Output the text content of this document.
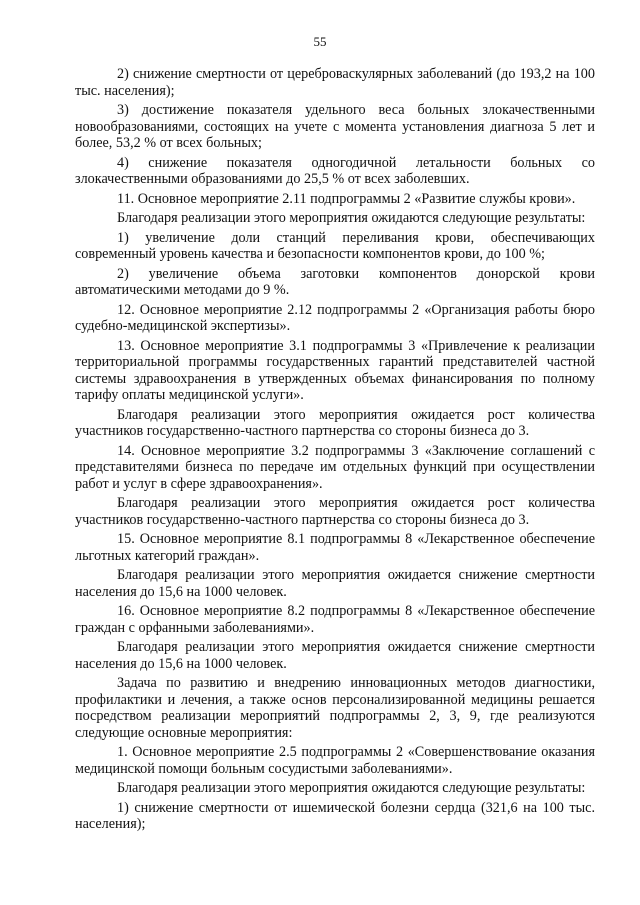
55

2) снижение смертности от цереброваскулярных заболеваний (до 193,2 на 100 тыс. населения);

3) достижение показателя удельного веса больных злокачественными новообразованиями, состоящих на учете с момента установления диагноза 5 лет и более, 53,2 % от всех больных;

4) снижение показателя одногодичной летальности больных со злокачественными образованиями до 25,5 % от всех заболевших.

11. Основное мероприятие 2.11 подпрограммы 2 «Развитие службы крови».

Благодаря реализации этого мероприятия ожидаются следующие результаты:

1) увеличение доли станций переливания крови, обеспечивающих современный уровень качества и безопасности компонентов крови, до 100 %;

2) увеличение объема заготовки компонентов донорской крови автоматическими методами до 9 %.

12. Основное мероприятие 2.12 подпрограммы 2 «Организация работы бюро судебно-медицинской экспертизы».

13. Основное мероприятие 3.1 подпрограммы 3 «Привлечение к реализации территориальной программы государственных гарантий представителей частной системы здравоохранения в утвержденных объемах финансирования по полному тарифу оплаты медицинской услуги».

Благодаря реализации этого мероприятия ожидается рост количества участников государственно-частного партнерства со стороны бизнеса до 3.

14. Основное мероприятие 3.2 подпрограммы 3 «Заключение соглашений с представителями бизнеса по передаче им отдельных функций при осуществлении работ и услуг в сфере здравоохранения».

Благодаря реализации этого мероприятия ожидается рост количества участников государственно-частного партнерства со стороны бизнеса до 3.

15. Основное мероприятие 8.1 подпрограммы 8 «Лекарственное обеспечение льготных категорий граждан».

Благодаря реализации этого мероприятия ожидается снижение смертности населения до 15,6 на 1000 человек.

16. Основное мероприятие 8.2 подпрограммы 8 «Лекарственное обеспечение граждан с орфанными заболеваниями».

Благодаря реализации этого мероприятия ожидается снижение смертности населения до 15,6 на 1000 человек.

Задача по развитию и внедрению инновационных методов диагностики, профилактики и лечения, а также основ персонализированной медицины решается посредством реализации мероприятий подпрограммы 2, 3, 9, где реализуются следующие основные мероприятия:

1. Основное мероприятие 2.5 подпрограммы 2 «Совершенствование оказания медицинской помощи больным сосудистыми заболеваниями».

Благодаря реализации этого мероприятия ожидаются следующие результаты:

1) снижение смертности от ишемической болезни сердца (321,6 на 100 тыс. населения);
